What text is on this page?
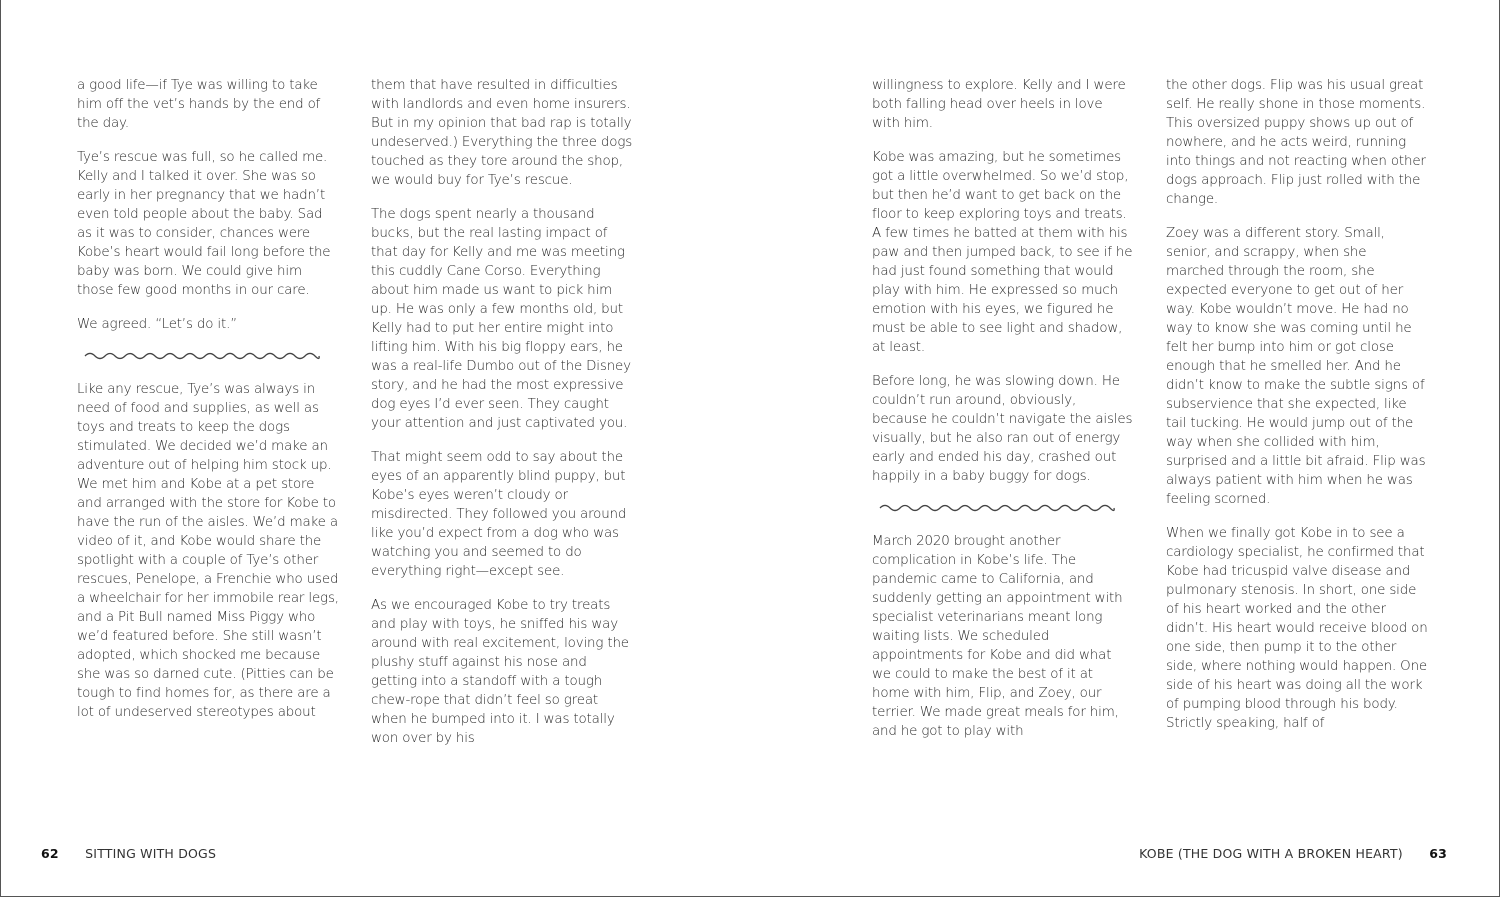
a good life—if Tye was willing to take him off the vet’s hands by the end of the day.

Tye’s rescue was full, so he called me. Kelly and I talked it over. She was so early in her pregnancy that we hadn’t even told people about the baby. Sad as it was to consider, chances were Kobe’s heart would fail long before the baby was born. We could give him those few good months in our care.

We agreed. “Let’s do it.”

Like any rescue, Tye’s was always in need of food and supplies, as well as toys and treats to keep the dogs stimulated. We decided we’d make an adventure out of helping him stock up. We met him and Kobe at a pet store and arranged with the store for Kobe to have the run of the aisles. We’d make a video of it, and Kobe would share the spotlight with a couple of Tye’s other rescues, Penelope, a Frenchie who used a wheelchair for her immobile rear legs, and a Pit Bull named Miss Piggy who we’d featured before. She still wasn’t adopted, which shocked me because she was so darned cute. (Pitties can be tough to find homes for, as there are a lot of undeserved stereotypes about

them that have resulted in difficulties with landlords and even home insurers. But in my opinion that bad rap is totally undeserved.) Everything the three dogs touched as they tore around the shop, we would buy for Tye’s rescue.

The dogs spent nearly a thousand bucks, but the real lasting impact of that day for Kelly and me was meeting this cuddly Cane Corso. Everything about him made us want to pick him up. He was only a few months old, but Kelly had to put her entire might into lifting him. With his big floppy ears, he was a real-life Dumbo out of the Disney story, and he had the most expressive dog eyes I’d ever seen. They caught your attention and just captivated you.

That might seem odd to say about the eyes of an apparently blind puppy, but Kobe’s eyes weren’t cloudy or misdirected. They followed you around like you’d expect from a dog who was watching you and seemed to do everything right—except see.

As we encouraged Kobe to try treats and play with toys, he sniffed his way around with real excitement, loving the plushy stuff against his nose and getting into a standoff with a tough chew-rope that didn’t feel so great when he bumped into it. I was totally won over by his

willingness to explore. Kelly and I were both falling head over heels in love with him.

Kobe was amazing, but he sometimes got a little overwhelmed. So we’d stop, but then he’d want to get back on the floor to keep exploring toys and treats. A few times he batted at them with his paw and then jumped back, to see if he had just found something that would play with him. He expressed so much emotion with his eyes, we figured he must be able to see light and shadow, at least.

Before long, he was slowing down. He couldn’t run around, obviously, because he couldn’t navigate the aisles visually, but he also ran out of energy early and ended his day, crashed out happily in a baby buggy for dogs.

March 2020 brought another complication in Kobe’s life. The pandemic came to California, and suddenly getting an appointment with specialist veterinarians meant long waiting lists. We scheduled appointments for Kobe and did what we could to make the best of it at home with him, Flip, and Zoey, our terrier. We made great meals for him, and he got to play with

the other dogs. Flip was his usual great self. He really shone in those moments. This oversized puppy shows up out of nowhere, and he acts weird, running into things and not reacting when other dogs approach. Flip just rolled with the change.

Zoey was a different story. Small, senior, and scrappy, when she marched through the room, she expected everyone to get out of her way. Kobe wouldn’t move. He had no way to know she was coming until he felt her bump into him or got close enough that he smelled her. And he didn’t know to make the subtle signs of subservience that she expected, like tail tucking. He would jump out of the way when she collided with him, surprised and a little bit afraid. Flip was always patient with him when he was feeling scorned.

When we finally got Kobe in to see a cardiology specialist, he confirmed that Kobe had tricuspid valve disease and pulmonary stenosis. In short, one side of his heart worked and the other didn’t. His heart would receive blood on one side, then pump it to the other side, where nothing would happen. One side of his heart was doing all the work of pumping blood through his body. Strictly speaking, half of

62 SITTING WITH DOGS	KOBE (THE DOG WITH A BROKEN HEART) 63
